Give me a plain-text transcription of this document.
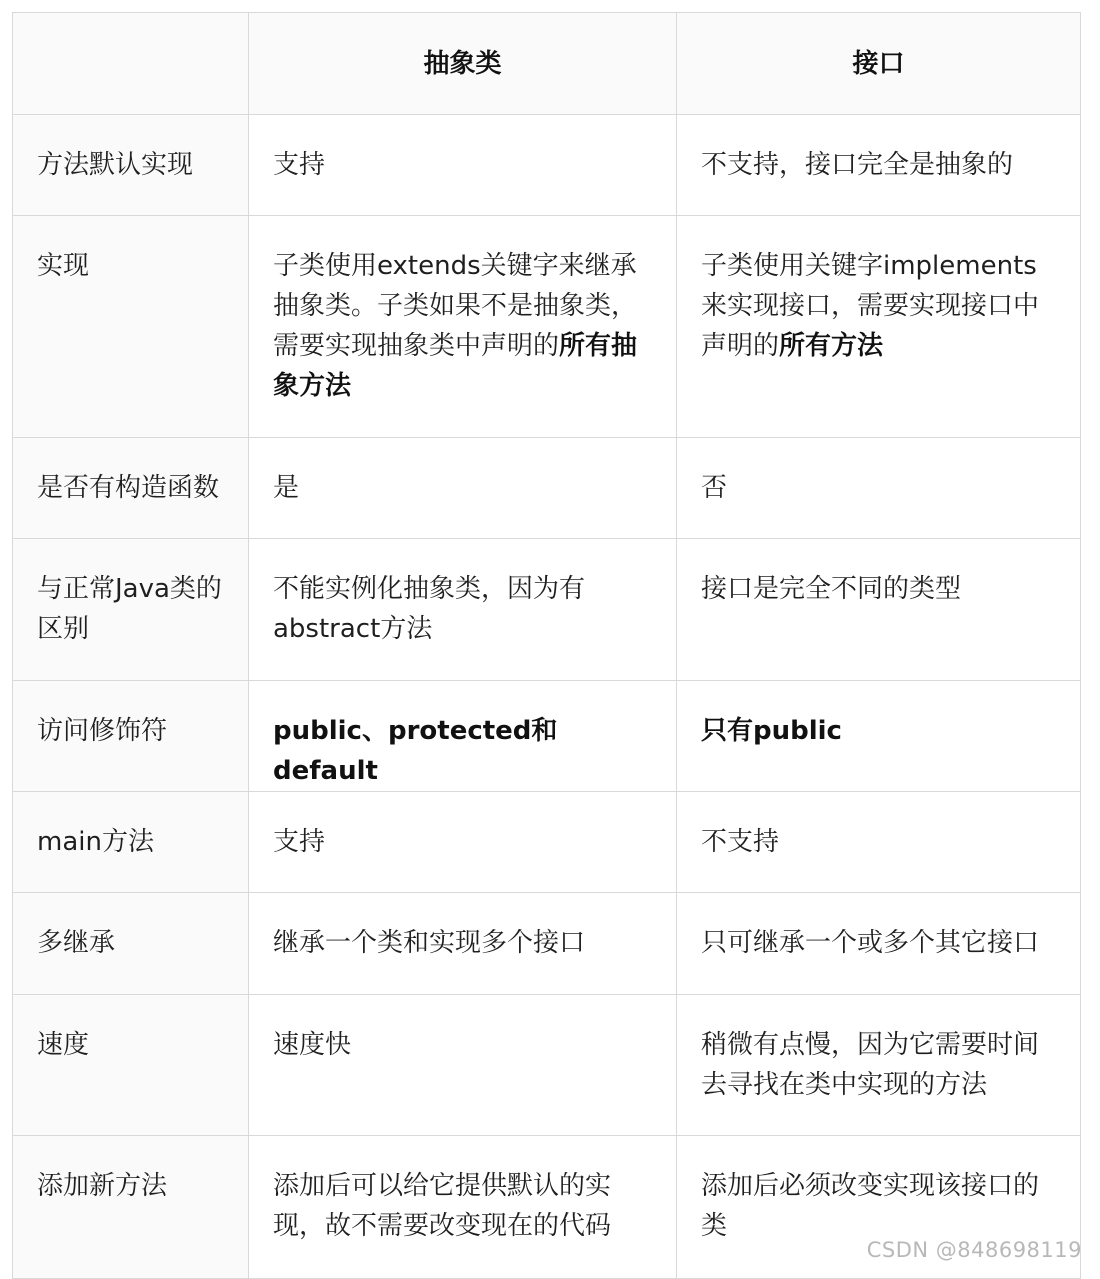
	抽象类	接口
方法默认实现	支持	不支持，接口完全是抽象的
实现	子类使用extends关键字来继承抽象类。子类如果不是抽象类，需要实现抽象类中声明的所有抽象方法	子类使用关键字implements来实现接口，需要实现接口中声明的所有方法
是否有构造函数	是	否
与正常Java类的区别	不能实例化抽象类，因为有abstract方法	接口是完全不同的类型
访问修饰符	public、protected和default	只有public
main方法	支持	不支持
多继承	继承一个类和实现多个接口	只可继承一个或多个其它接口
速度	速度快	稍微有点慢，因为它需要时间去寻找在类中实现的方法
添加新方法	添加后可以给它提供默认的实现，故不需要改变现在的代码	添加后必须改变实现该接口的类
CSDN @848698119
